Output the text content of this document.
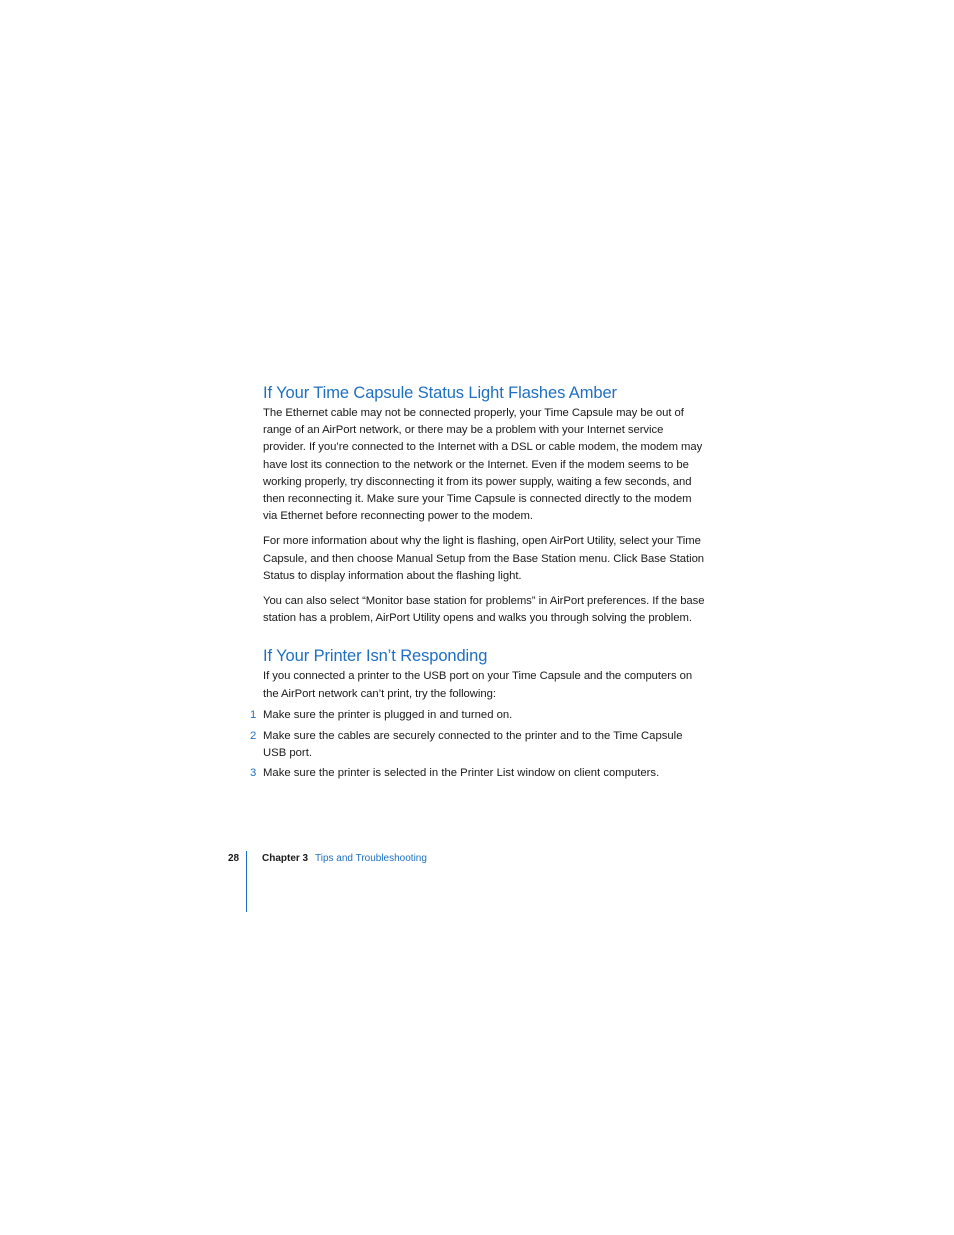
If Your Time Capsule Status Light Flashes Amber

The Ethernet cable may not be connected properly, your Time Capsule may be out of range of an AirPort network, or there may be a problem with your Internet service provider. If you’re connected to the Internet with a DSL or cable modem, the modem may have lost its connection to the network or the Internet. Even if the modem seems to be working properly, try disconnecting it from its power supply, waiting a few seconds, and then reconnecting it. Make sure your Time Capsule is connected directly to the modem via Ethernet before reconnecting power to the modem.

For more information about why the light is flashing, open AirPort Utility, select your Time Capsule, and then choose Manual Setup from the Base Station menu. Click Base Station Status to display information about the flashing light.

You can also select “Monitor base station for problems” in AirPort preferences. If the base station has a problem, AirPort Utility opens and walks you through solving the problem.

If Your Printer Isn’t Responding

If you connected a printer to the USB port on your Time Capsule and the computers on the AirPort network can’t print, try the following:

1 Make sure the printer is plugged in and turned on.
2 Make sure the cables are securely connected to the printer and to the Time Capsule USB port.
3 Make sure the printer is selected in the Printer List window on client computers.
28 Chapter 3 Tips and Troubleshooting
